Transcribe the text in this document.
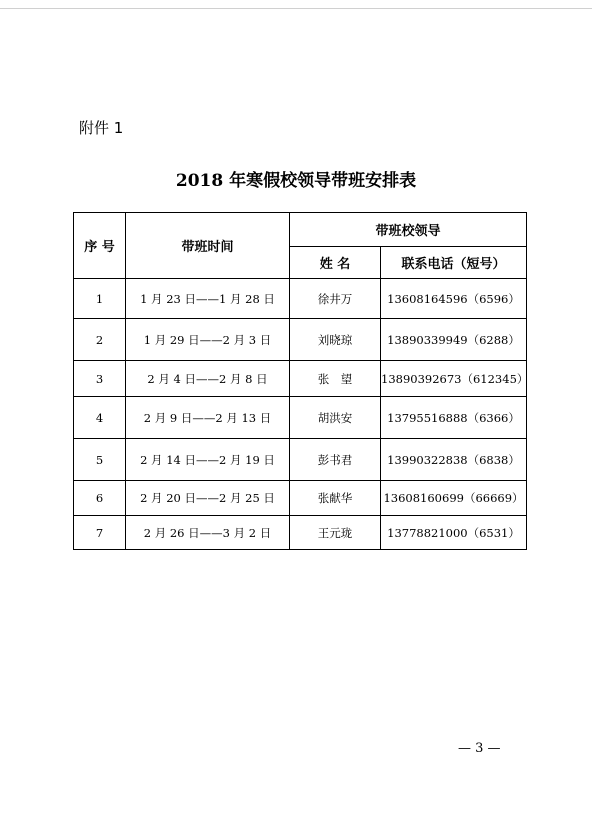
附件 1
2018 年寒假校领导带班安排表
序 号	带班时间	带班校领导	
		姓 名	联系电话（短号）
1	1 月 23 日——1 月 28 日	徐井万	13608164596（6596）
2	1 月 29 日——2 月 3 日	刘晓琼	13890339949（6288）
3	2 月 4 日——2 月 8 日	张　望	13890392673（612345）
4	2 月 9 日——2 月 13 日	胡洪安	13795516888（6366）
5	2 月 14 日——2 月 19 日	彭书君	13990322838（6838）
6	2 月 20 日——2 月 25 日	张献华	13608160699（66669）
7	2 月 26 日——3 月 2 日	王元珑	13778821000（6531）
— 3 —
